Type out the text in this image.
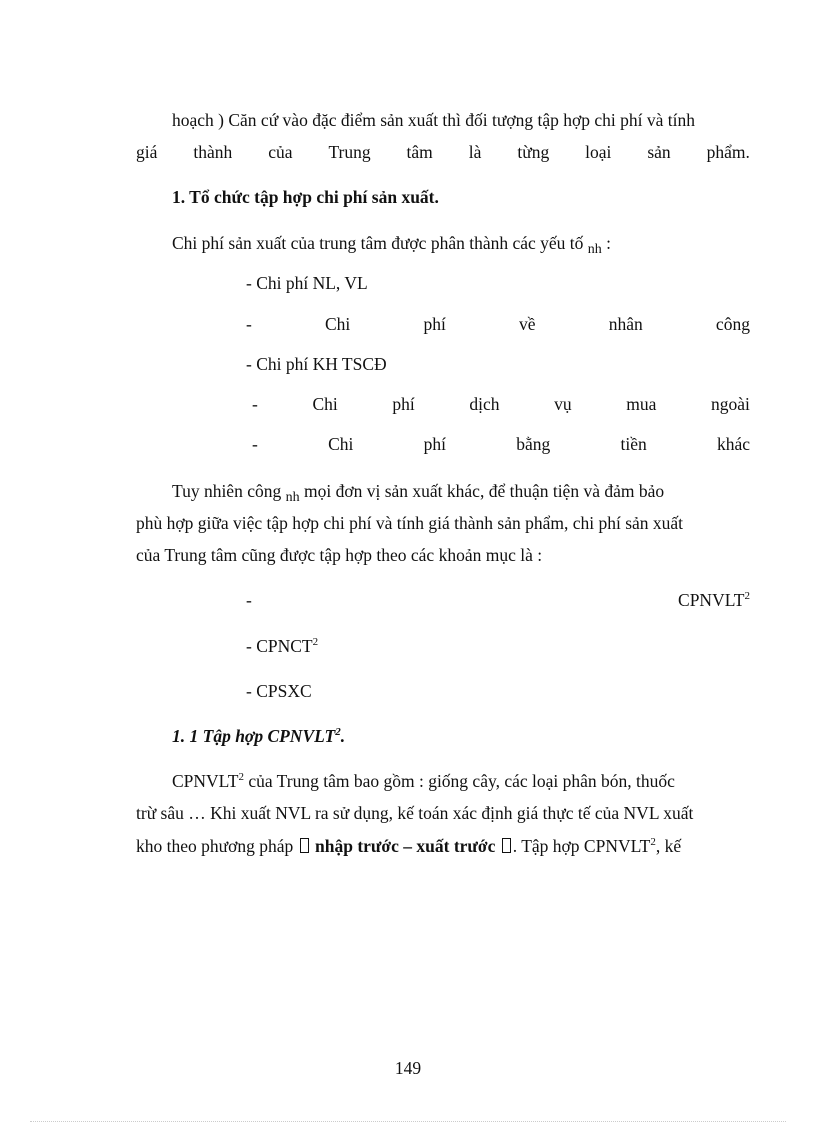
hoạch ) Căn cứ vào đặc điểm sản xuất thì đối tượng tập hợp chi phí và tính
giá thành của Trung tâm là từng loại sản phẩm.
1. Tổ chức tập hợp chi phí sản xuất.
Chi phí sản xuất của trung tâm được phân thành các yếu tố $_{nh}$ :
- Chi phí NL, VL
-	Chi	phí	về	nhân	công
- Chi phí KH TSCĐ
-	Chi	phí	dịch	vụ	mua	ngoài
-	Chi	phí	bằng	tiền	khác
Tuy nhiên công $_{nh}$ mọi đơn vị sản xuất khác, để thuận tiện và đảm bảo
phù hợp giữa việc tập hợp chi phí và tính giá thành sản phẩm, chi phí sản xuất
của Trung tâm cũng được tập hợp theo các khoản mục là :
-	CPNVLT$^2$
- CPNCT$^2$
- CPSXC
1. 1 Tập hợp CPNVLT$^2$.
CPNVLT$^2$ của Trung tâm bao gồm : giống cây, các loại phân bón, thuốc
trừ sâu … Khi xuất NVL ra sử dụng, kế toán xác định giá thực tế của NVL xuất
kho theo phương pháp  nhập trước – xuất trước . Tập hợp CPNVLT$^2$, kế
149
